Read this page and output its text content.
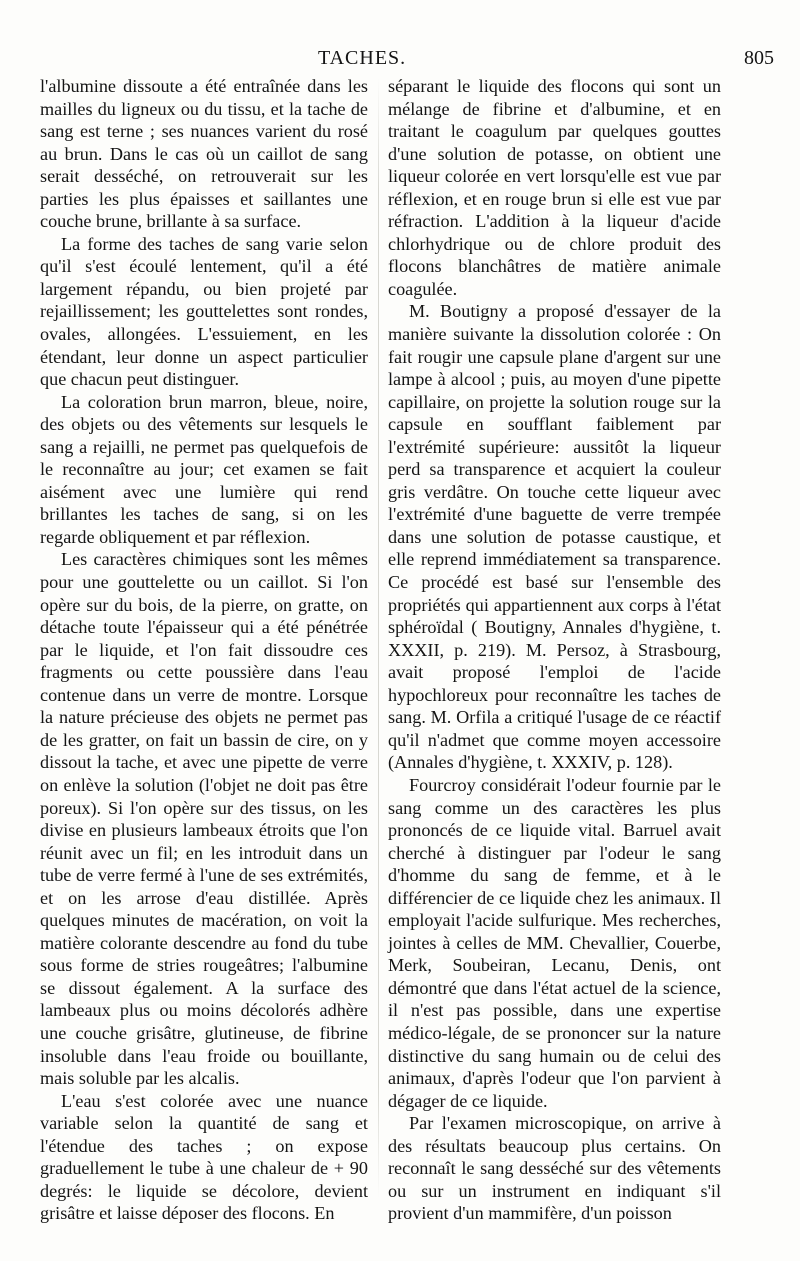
TACHES.	805

l'albumine dissoute a été entraînée dans les mailles du ligneux ou du tissu, et la tache de sang est terne ; ses nuances varient du rosé au brun. Dans le cas où un caillot de sang serait desséché, on retrouverait sur les parties les plus épaisses et saillantes une couche brune, brillante à sa surface.

La forme des taches de sang varie selon qu'il s'est écoulé lentement, qu'il a été largement répandu, ou bien projeté par rejaillissement; les gouttelettes sont rondes, ovales, allongées. L'essuiement, en les étendant, leur donne un aspect particulier que chacun peut distinguer.

La coloration brun marron, bleue, noire, des objets ou des vêtements sur lesquels le sang a rejailli, ne permet pas quelquefois de le reconnaître au jour; cet examen se fait aisément avec une lumière qui rend brillantes les taches de sang, si on les regarde obliquement et par réflexion.

Les caractères chimiques sont les mêmes pour une gouttelette ou un caillot. Si l'on opère sur du bois, de la pierre, on gratte, on détache toute l'épaisseur qui a été pénétrée par le liquide, et l'on fait dissoudre ces fragments ou cette poussière dans l'eau contenue dans un verre de montre. Lorsque la nature précieuse des objets ne permet pas de les gratter, on fait un bassin de cire, on y dissout la tache, et avec une pipette de verre on enlève la solution (l'objet ne doit pas être poreux). Si l'on opère sur des tissus, on les divise en plusieurs lambeaux étroits que l'on réunit avec un fil; en les introduit dans un tube de verre fermé à l'une de ses extrémités, et on les arrose d'eau distillée. Après quelques minutes de macération, on voit la matière colorante descendre au fond du tube sous forme de stries rougeâtres; l'albumine se dissout également. A la surface des lambeaux plus ou moins décolorés adhère une couche grisâtre, glutineuse, de fibrine insoluble dans l'eau froide ou bouillante, mais soluble par les alcalis.

L'eau s'est colorée avec une nuance variable selon la quantité de sang et l'étendue des taches ; on expose graduellement le tube à une chaleur de + 90 degrés: le liquide se décolore, devient grisâtre et laisse déposer des flocons. En

séparant le liquide des flocons qui sont un mélange de fibrine et d'albumine, et en traitant le coagulum par quelques gouttes d'une solution de potasse, on obtient une liqueur colorée en vert lorsqu'elle est vue par réflexion, et en rouge brun si elle est vue par réfraction. L'addition à la liqueur d'acide chlorhydrique ou de chlore produit des flocons blanchâtres de matière animale coagulée.

M. Boutigny a proposé d'essayer de la manière suivante la dissolution colorée : On fait rougir une capsule plane d'argent sur une lampe à alcool ; puis, au moyen d'une pipette capillaire, on projette la solution rouge sur la capsule en soufflant faiblement par l'extrémité supérieure: aussitôt la liqueur perd sa transparence et acquiert la couleur gris verdâtre. On touche cette liqueur avec l'extrémité d'une baguette de verre trempée dans une solution de potasse caustique, et elle reprend immédiatement sa transparence. Ce procédé est basé sur l'ensemble des propriétés qui appartiennent aux corps à l'état sphéroïdal ( Boutigny, Annales d'hygiène, t. XXXII, p. 219). M. Persoz, à Strasbourg, avait proposé l'emploi de l'acide hypochloreux pour reconnaître les taches de sang. M. Orfila a critiqué l'usage de ce réactif qu'il n'admet que comme moyen accessoire (Annales d'hygiène, t. XXXIV, p. 128).

Fourcroy considérait l'odeur fournie par le sang comme un des caractères les plus prononcés de ce liquide vital. Barruel avait cherché à distinguer par l'odeur le sang d'homme du sang de femme, et à le différencier de ce liquide chez les animaux. Il employait l'acide sulfurique. Mes recherches, jointes à celles de MM. Chevallier, Couerbe, Merk, Soubeiran, Lecanu, Denis, ont démontré que dans l'état actuel de la science, il n'est pas possible, dans une expertise médico-légale, de se prononcer sur la nature distinctive du sang humain ou de celui des animaux, d'après l'odeur que l'on parvient à dégager de ce liquide.

Par l'examen microscopique, on arrive à des résultats beaucoup plus certains. On reconnaît le sang desséché sur des vêtements ou sur un instrument en indiquant s'il provient d'un mammifère, d'un poisson
